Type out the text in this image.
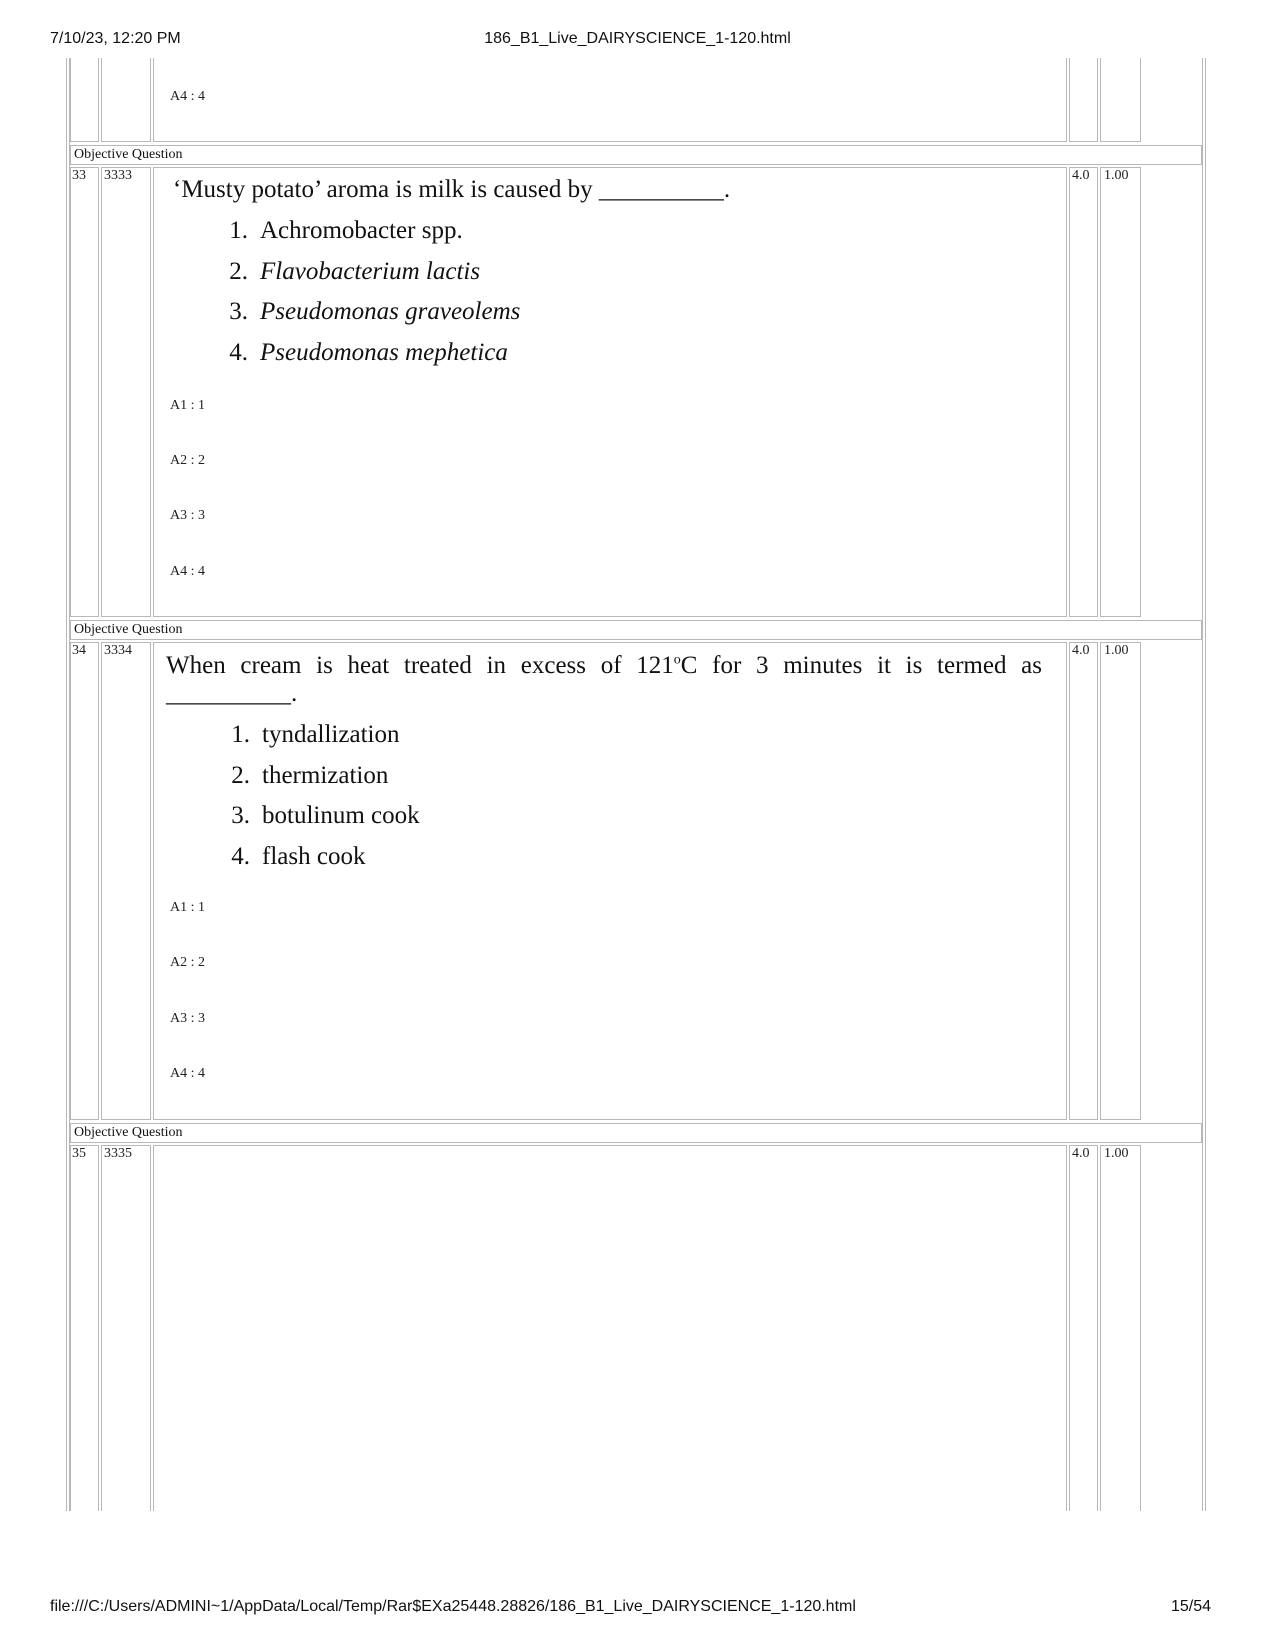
186_B1_Live_DAIRYSCIENCE_1-120.html
7/10/23, 12:20 PM
A4 : 4
Objective Question
33 3333	4.0 1.00
‘Musty potato’ aroma is milk is caused by __________.
1. Achromobacter spp.
2. Flavobacterium lactis
3. Pseudomonas graveolems
4. Pseudomonas mephetica
A1 : 1
A2 : 2
A3 : 3
A4 : 4
Objective Question
34 3334	4.0 1.00
When cream is heat treated in excess of 121$^o$C for 3 minutes it is termed as
__________.
1. tyndallization
2. thermization
3. botulinum cook
4. flash cook
A1 : 1
A2 : 2
A3 : 3
A4 : 4
Objective Question
35 3335	4.0 1.00
file:///C:/Users/ADMINI~1/AppData/Local/Temp/Rar$EXa25448.28826/186_B1_Live_DAIRYSCIENCE_1-120.html	15/54
